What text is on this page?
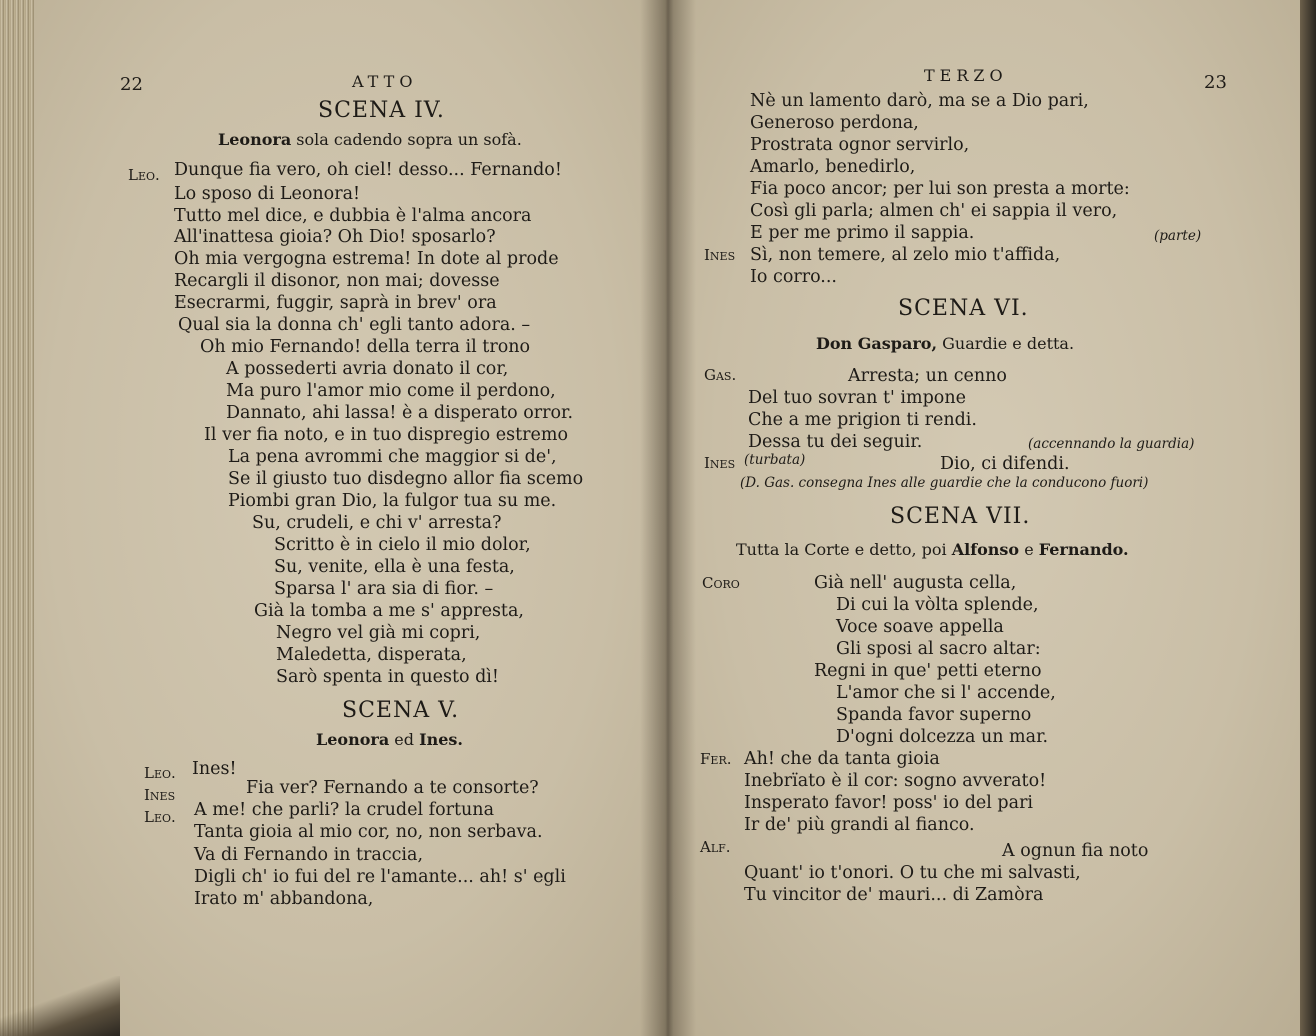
22	ATTO
SCENA IV.
Leonora sola cadendo sopra un sofà.
Leo. Dunque fia vero, oh ciel! desso... Fernando!
Lo sposo di Leonora!
Tutto mel dice, e dubbia è l'alma ancora
All'inattesa gioia? Oh Dio! sposarlo?
Oh mia vergogna estrema! In dote al prode
Recargli il disonor, non mai; dovesse
Esecrarmi, fuggir, saprà in brev' ora
Qual sia la donna ch' egli tanto adora. –
Oh mio Fernando! della terra il trono
A possederti avria donato il cor,
Ma puro l'amor mio come il perdono,
Dannato, ahi lassa! è a disperato orror.
Il ver fia noto, e in tuo dispregio estremo
La pena avrommi che maggior si de',
Se il giusto tuo disdegno allor fia scemo
Piombi gran Dio, la fulgor tua su me.
Su, crudeli, e chi v' arresta?
Scritto è in cielo il mio dolor,
Su, venite, ella è una festa,
Sparsa l' ara sia di fior. –
Già la tomba a me s' appresta,
Negro vel già mi copri,
Maledetta, disperata,
Sarò spenta in questo dì!
SCENA V.
Leonora ed Ines.
Leo. Ines!
Ines	Fia ver? Fernando a te consorte?
Leo. A me! che parli? la crudel fortuna
Tanta gioia al mio cor, no, non serbava.
Va di Fernando in traccia,
Digli ch' io fui del re l'amante... ah! s' egli
Irato m' abbandona,
TERZO	23
Nè un lamento darò, ma se a Dio pari,
Generoso perdona,
Prostrata ognor servirlo,
Amarlo, benedirlo,
Fia poco ancor; per lui son presta a morte:
Così gli parla; almen ch' ei sappia il vero,
E per me primo il sappia.	(parte)
Ines Sì, non temere, al zelo mio t'affida,
Io corro...
SCENA VI.
Don Gasparo, Guardie e detta.
Gas.	Arresta; un cenno
Del tuo sovran t' impone
Che a me prigion ti rendi.
Dessa tu dei seguir.	(accennando la guardia)
Ines (turbata)	Dio, ci difendi.
(D. Gas. consegna Ines alle guardie che la conducono fuori)
SCENA VII.
Tutta la Corte e detto, poi Alfonso e Fernando.
Coro	Già nell' augusta cella,
Di cui la vòlta splende,
Voce soave appella
Gli sposi al sacro altar:
Regni in que' petti eterno
L'amor che si l' accende,
Spanda favor superno
D'ogni dolcezza un mar.
Fer. Ah! che da tanta gioia
Inebrïato è il cor: sogno avverato!
Insperato favor! poss' io del pari
Ir de' più grandi al fianco.
Alf.	A ognun fia noto
Quant' io t'onori. O tu che mi salvasti,
Tu vincitor de' mauri... di Zamòra
